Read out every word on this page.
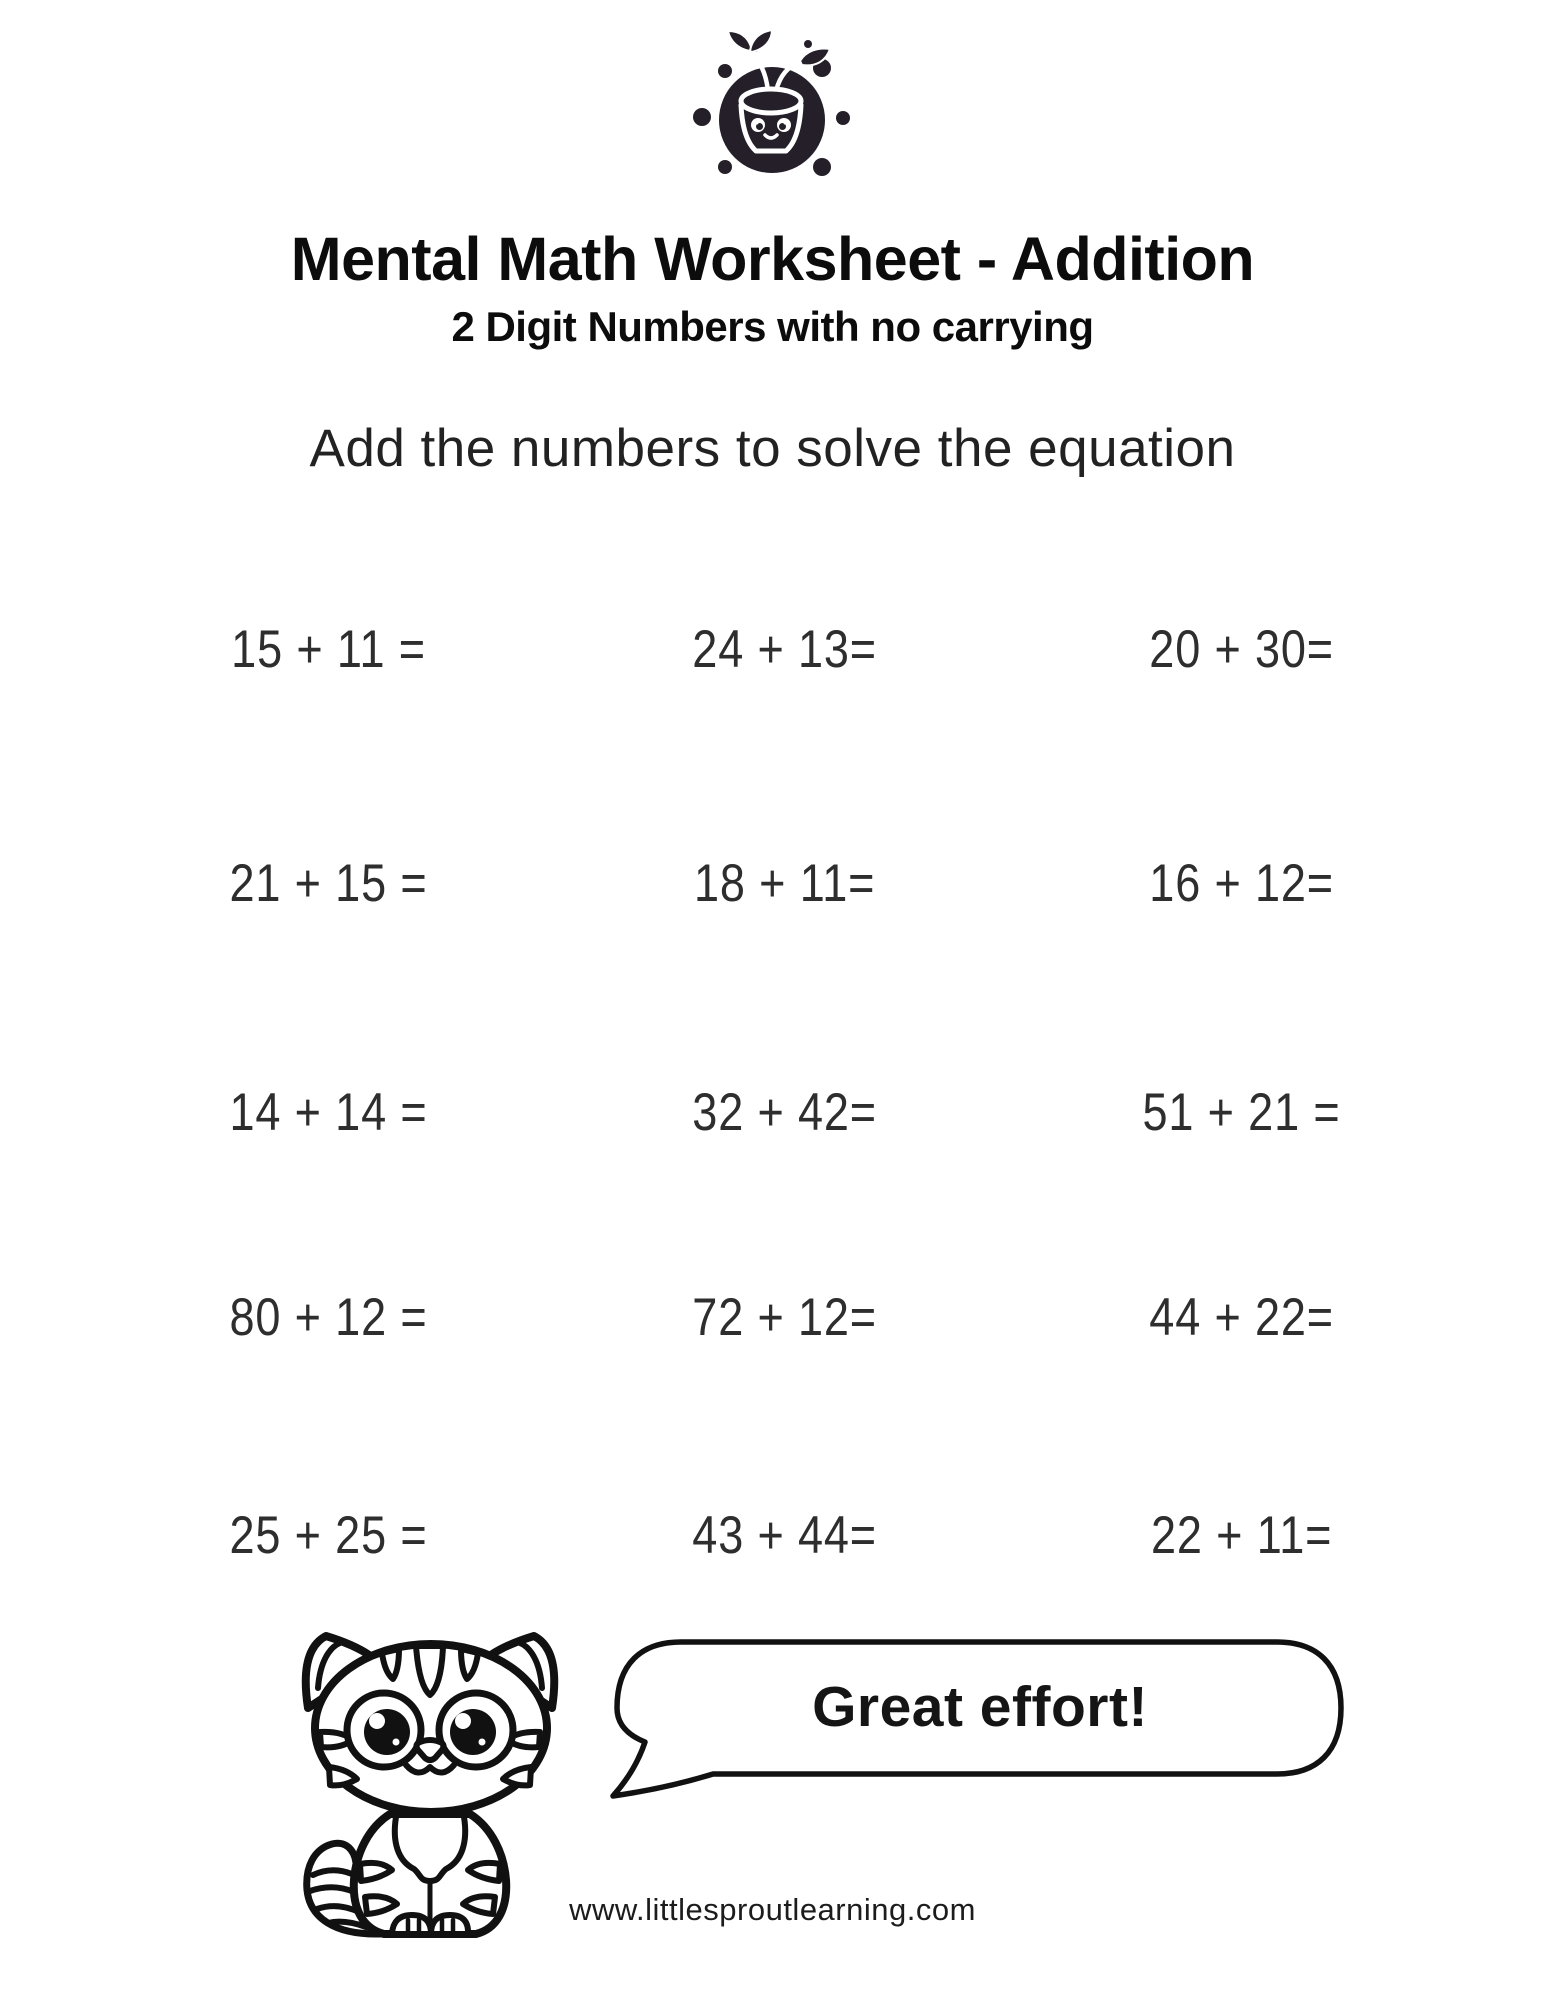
Mental Math Worksheet - Addition
2 Digit Numbers with no carrying
Add the numbers to solve the equation
15 + 11 =	24 + 13=	20 + 30=
21 + 15 =	18 + 11=	16 + 12=
14 + 14 =	32 + 42=	51 + 21 =
80 + 12 =	72 + 12=	44 + 22=
25 + 25 =	43 + 44=	22 + 11=
Great effort!
www.littlesproutlearning.com
